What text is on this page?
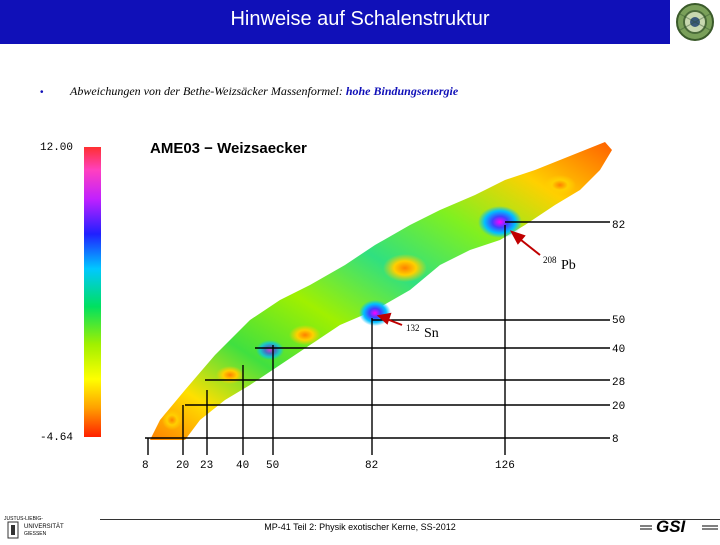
Hinweise auf Schalenstruktur
• Abweichungen von der Bethe-Weizsäcker Massenformel: hohe Bindungsenergie
12.00
-4.64
AME03 − Weizsaecker
82
50
40
28
20
8
8 20 23 40 50	82	126
208 Pb
132 Sn
MP-41 Teil 2: Physik exotischer Kerne, SS-2012
JUSTUS-LIEBIG-
UNIVERSITÄT
GIESSEN	GSI
